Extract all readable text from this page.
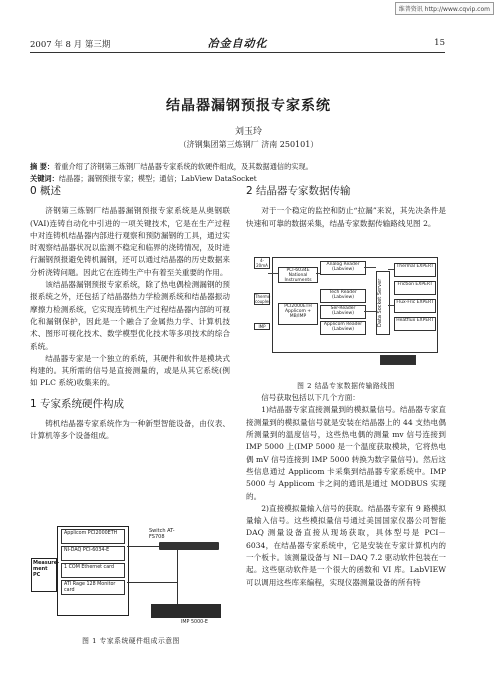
维普资讯 http://www.cqvip.com
2007 年 8 月 第三期	冶金自动化	15
结晶器漏钢预报专家系统
刘玉玲
（济钢集团第三炼钢厂 济南 250101）
摘 要：着重介绍了济钢第三炼钢厂结晶器专家系统的软硬件组成，及其数据通信的实现。
关键词：结晶器；漏钢预报专家；模型；通信；LabView DataSocket
0 概述

济钢第三炼钢厂结晶器漏钢预报专家系统是从奥钢联(VAI)连铸自动化中引进的一项关键技术，它是在生产过程中对连铸机结晶器内部进行观察和预防漏钢的工具，通过实时观察结晶器状况以监测不稳定和临界的浇铸情况，及时进行漏钢预报避免铸机漏钢，还可以通过结晶器的历史数据来分析浇铸问题。因此它在连铸生产中有着至关重要的作用。

该结晶器漏钢预报专家系统，除了热电偶检测漏钢的预报系统之外，还包括了结晶器热力学检测系统和结晶器振动摩擦力检测系统，它实现连铸机生产过程结晶器内部的可视化和漏钢保护，因此是一个融合了金属热力学、计算机技术、图形可视化技术、数学模型优化技术等多项技术的综合系统。

结晶器专家是一个独立的系统，其硬件和软件是模块式构建的。其所需的信号是直接测量的，或是从其它系统(例如 PLC 系统)收集来的。

1 专家系统硬件构成

铸机结晶器专家系统作为一种新型智能设备，由仪表、计算机等多个设备组成。

Measure-ment PC
Applicom PCI2000ETH
NI-DAQ PCI-6034-E
1 COM Ethernet card
ATI Rage 128 Monitor card
Switch AT-FS708
IMP 5000-E
图 1 专家系统硬件组成示意图
2 结晶器专家数据传输

对于一个稳定的监控和防止“拉漏”来说，其先决条件是快速和可靠的数据采集，结晶专家数据传输路线见图 2。

图 2 结晶专家数据传输路线图

信号获取包括以下几个方面：

1)结晶器专家直接测量到的模拟量信号。结晶器专家直接测量到的模拟量信号就是安装在结晶器上的 44 支热电偶所测量到的温度信号，这些热电偶的测量 mv 信号连接到 IMP 5000 上(IMP 5000 是一个温度获取模块，它将热电偶 mV 信号连接到 IMP 5000 转换为数字量信号)。然后这些信息通过 Applicom 卡采集到结晶器专家系统中。IMP 5000 与 Applicom 卡之间的通讯是通过 MODBUS 实现的。

2)直接模拟量输入信号的获取。结晶器专家有 9 路模拟量输入信号。这些模拟量信号通过美国国家仪器公司智能 DAQ 测量设备直接从现场获取，具体型号是 PCI－6034，在结晶器专家系统中，它是安装在专家计算机内的一个板卡。该测量设备与 NI－DAQ 7.2 驱动软件包装在一起。这些驱动软件是一个很大的函数和 VI 库。LabVIEW 可以调用这些库来编程，实现仪器测量设备的所有特

4-20mA
Thermo couples
IMP
PCI-6034E National Instruments
Analog Reader (Labview)
PCI2000ETH Applicom + MB/IMP
Tech Reader (Labview)
Ser-Reader (Labview)
Applicom Reader (Labview)
Data Socket Server
Thermal EXPERT
Friction EXPERT
Flux-Fric EXPERT
Heatflux EXPERT
